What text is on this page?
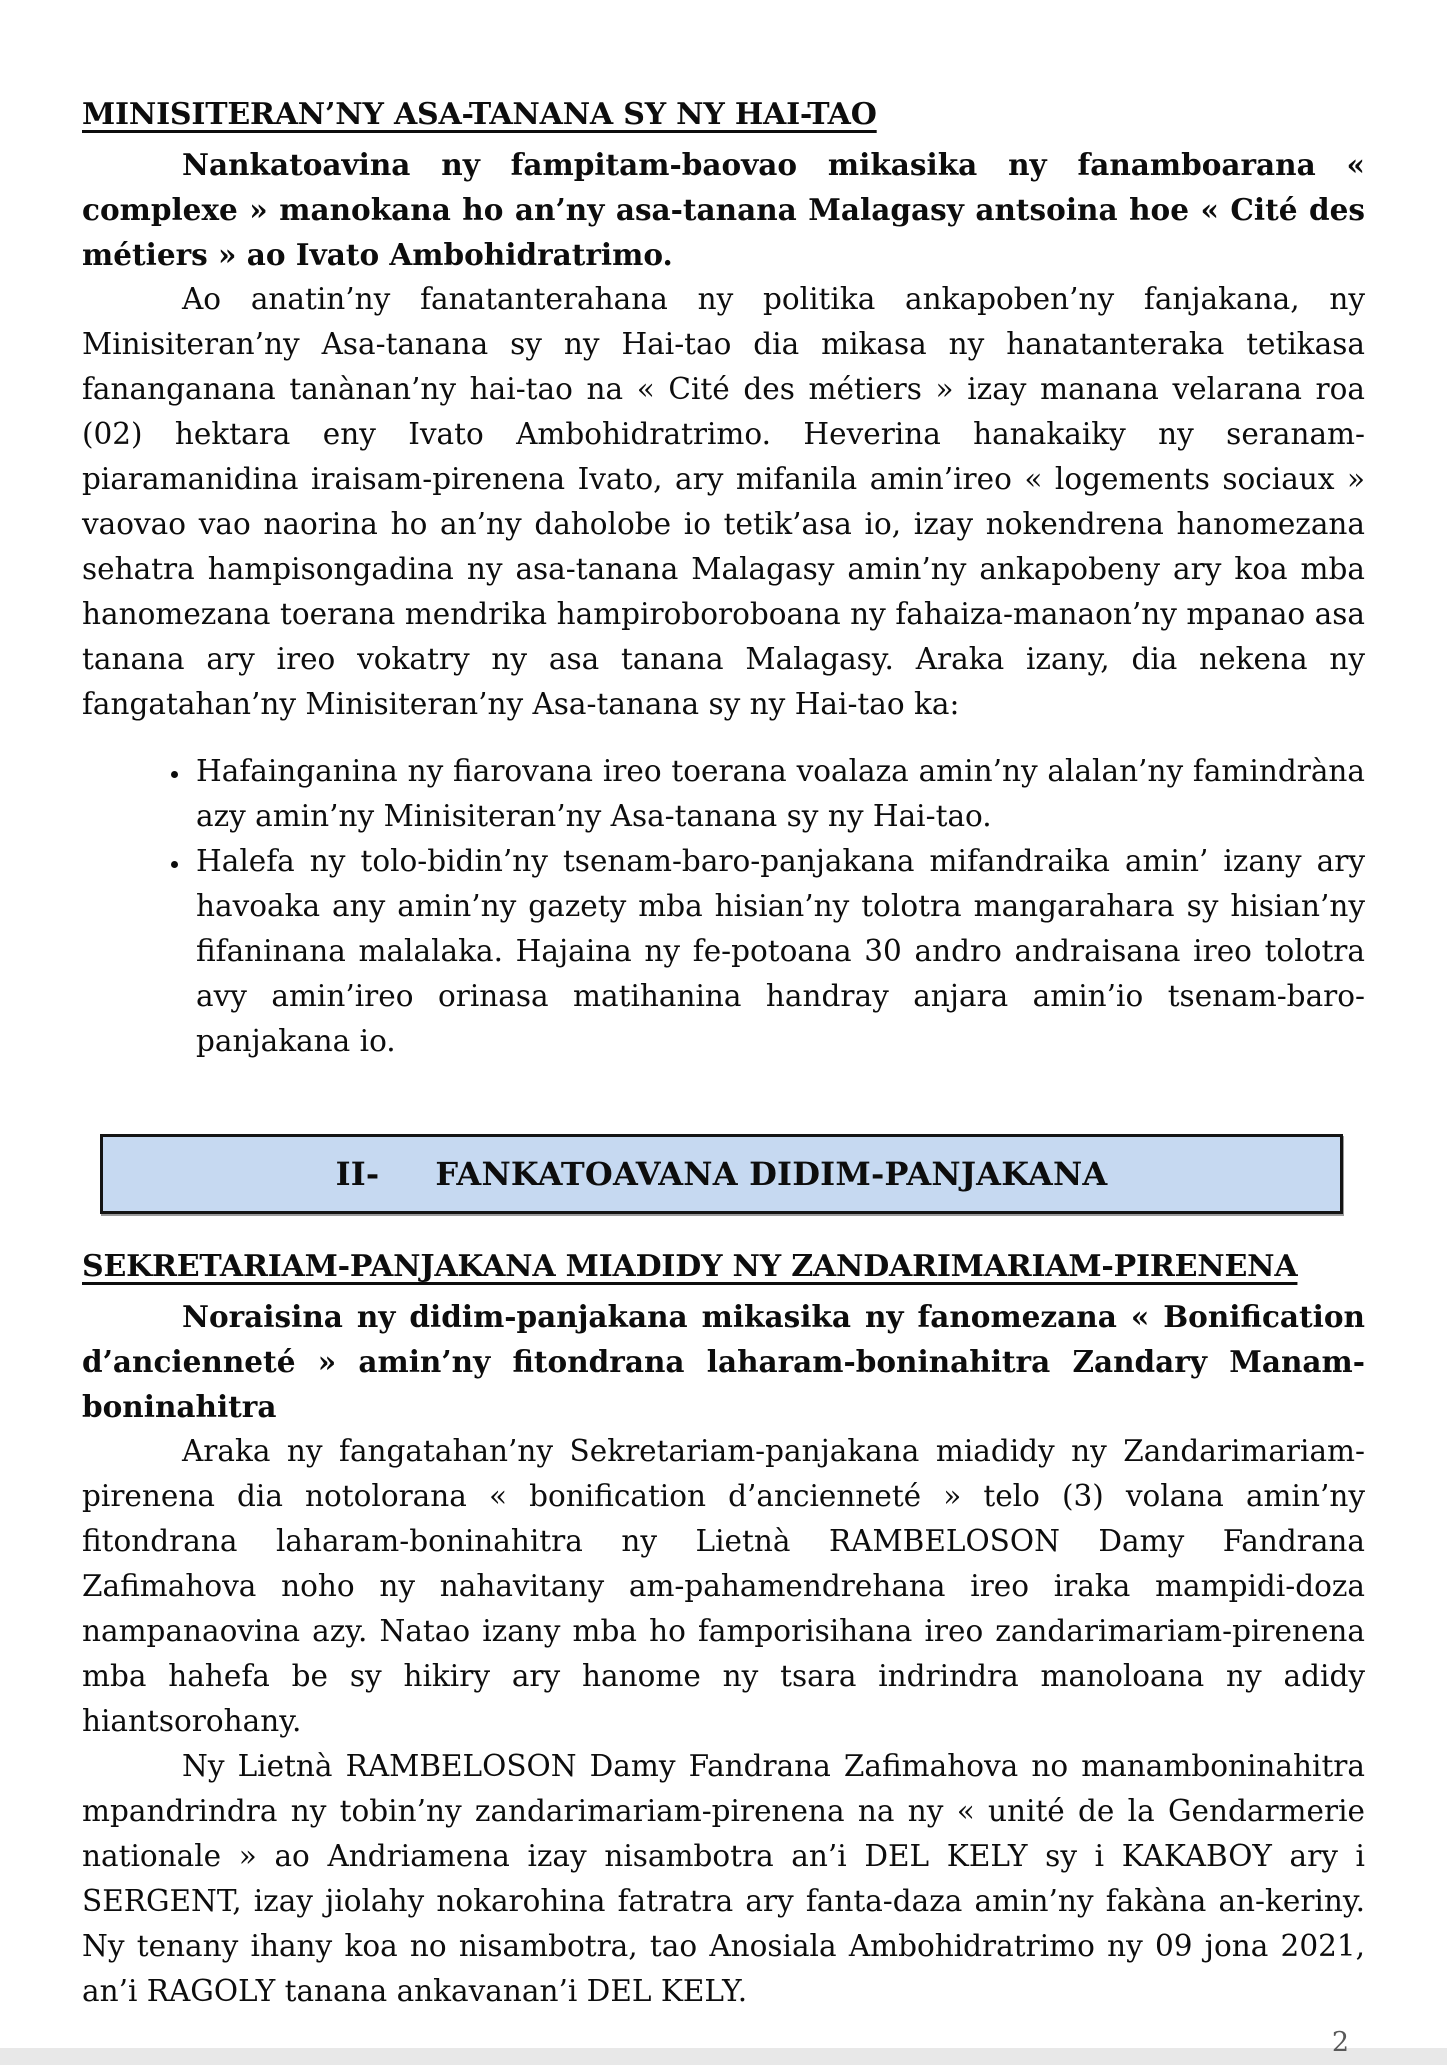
MINISITERAN’NY ASA-TANANA SY NY HAI-TAO

Nankatoavina ny fampitam-baovao mikasika ny fanamboarana « complexe » manokana ho an’ny asa-tanana Malagasy antsoina hoe « Cité des métiers » ao Ivato Ambohidratrimo.

Ao anatin’ny fanatanterahana ny politika ankapoben’ny fanjakana, ny Minisiteran’ny Asa-tanana sy ny Hai-tao dia mikasa ny hanatanteraka tetikasa fananganana tanànan’ny hai-tao na « Cité des métiers » izay manana velarana roa (02) hektara eny Ivato Ambohidratrimo. Heverina hanakaiky ny seranam-piaramanidina iraisam-pirenena Ivato, ary mifanila amin’ireo « logements sociaux » vaovao vao naorina ho an’ny daholobe io tetik’asa io, izay nokendrena hanomezana sehatra hampisongadina ny asa-tanana Malagasy amin’ny ankapobeny ary koa mba hanomezana toerana mendrika hampiroboroboana ny fahaiza-manaon’ny mpanao asa tanana ary ireo vokatry ny asa tanana Malagasy. Araka izany, dia nekena ny fangatahan’ny Minisiteran’ny Asa-tanana sy ny Hai-tao ka:

• Hafainganina ny fiarovana ireo toerana voalaza amin’ny alalan’ny famindràna azy amin’ny Minisiteran’ny Asa-tanana sy ny Hai-tao.
• Halefa ny tolo-bidin’ny tsenam-baro-panjakana mifandraika amin’ izany ary havoaka any amin’ny gazety mba hisian’ny tolotra mangarahara sy hisian’ny fifaninana malalaka. Hajaina ny fe-potoana 30 andro andraisana ireo tolotra avy amin’ireo orinasa matihanina handray anjara amin’io tsenam-baro-panjakana io.
II- FANKATOAVANA DIDIM-PANJAKANA
SEKRETARIAM-PANJAKANA MIADIDY NY ZANDARIMARIAM-PIRENENA

Noraisina ny didim-panjakana mikasika ny fanomezana « Bonification d’ancienneté » amin’ny fitondrana laharam-boninahitra Zandary Manam-boninahitra

Araka ny fangatahan’ny Sekretariam-panjakana miadidy ny Zandarimariam-pirenena dia notolorana « bonification d’ancienneté » telo (3) volana amin’ny fitondrana laharam-boninahitra ny Lietnà RAMBELOSON Damy Fandrana Zafimahova noho ny nahavitany am-pahamendrehana ireo iraka mampidi-doza nampanaovina azy. Natao izany mba ho famporisihana ireo zandarimariam-pirenena mba hahefa be sy hikiry ary hanome ny tsara indrindra manoloana ny adidy hiantsorohany.

Ny Lietnà RAMBELOSON Damy Fandrana Zafimahova no manamboninahitra mpandrindra ny tobin’ny zandarimariam-pirenena na ny « unité de la Gendarmerie nationale » ao Andriamena izay nisambotra an’i DEL KELY sy i KAKABOY ary i SERGENT, izay jiolahy nokarohina fatratra ary fanta-daza amin’ny fakàna an-keriny. Ny tenany ihany koa no nisambotra, tao Anosiala Ambohidratrimo ny 09 jona 2021, an’i RAGOLY tanana ankavanan’i DEL KELY.

2
